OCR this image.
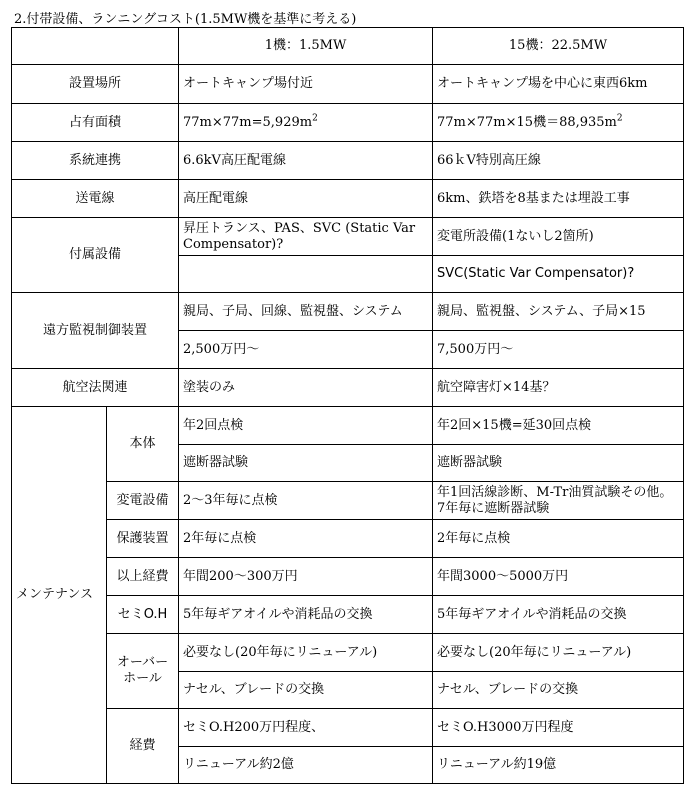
2.付帯設備、ランニングコスト(1.5MW機を基準に考える)
		1機：1.5MW	15機：22.5MW
設置場所		オートキャンプ場付近	オートキャンプ場を中心に東西6km
占有面積		$77m\times 77m=5,929m^2$	77m×77m×15機$=88,935m^2$
系統連携		6.6kV高圧配電線	66ｋV特別高圧線
送電線		高圧配電線	6km、鉄塔を8基または埋設工事
付属設備		昇圧トランス、PAS、SVC (Static Var Compensator)?	変電所設備(1ないし2箇所)
			SVC(Static Var Compensator)?
遠方監視制御装置		親局、子局、回線、監視盤、システム	親局、監視盤、システム、子局×15
		2,500万円～	7,500万円～
航空法関連		塗装のみ	航空障害灯×14基？
メンテナンス	本体	年2回点検	年2回×15機=延30回点検
		遮断器試験	遮断器試験
	変電設備	2～3年毎に点検	年1回活線診断、M-Tr油質試験その他。7年毎に遮断器試験
	保護装置	2年毎に点検	2年毎に点検
	以上経費	年間200～300万円	年間3000～5000万円
	セミO.H	5年毎ギアオイルや消耗品の交換	5年毎ギアオイルや消耗品の交換
	オーバーホール	必要なし(20年毎にリニューアル)	必要なし(20年毎にリニューアル)
		ナセル、ブレードの交換	ナセル、ブレードの交換
	経費	セミO.H200万円程度、	セミO.H3000万円程度
		リニューアル約2億	リニューアル約19億
